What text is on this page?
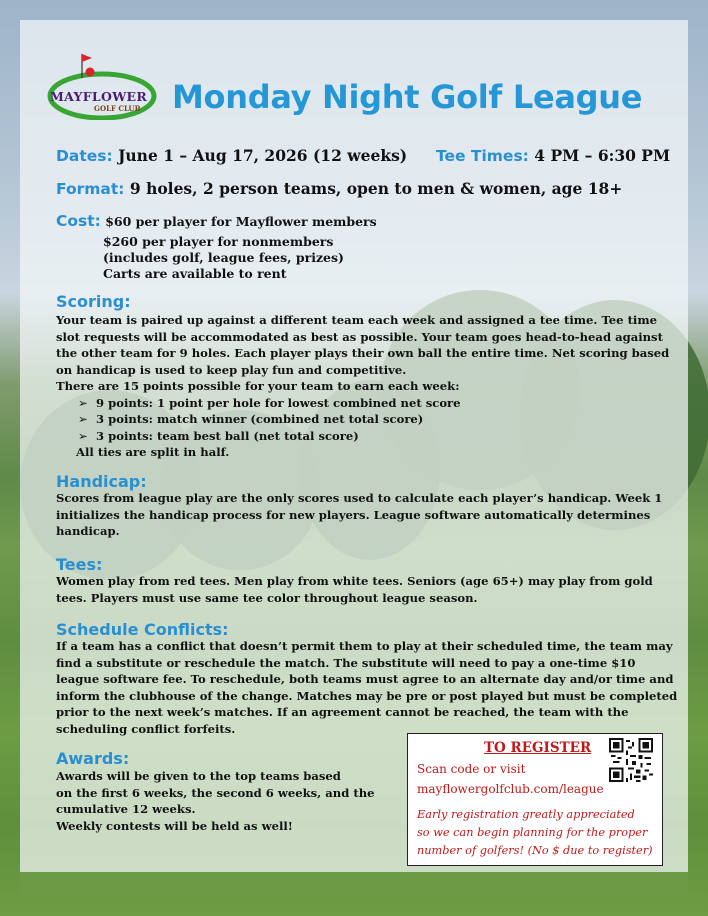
MAYFLOWER
GOLF CLUB Monday Night Golf League
Dates: June 1 – Aug 17, 2026 (12 weeks) Tee Times: 4 PM – 6:30 PM
Format: 9 holes, 2 person teams, open to men & women, age 18+
Cost: $60 per player for Mayflower members
$260 per player for nonmembers
(includes golf, league fees, prizes)
Carts are available to rent
Scoring:

Your team is paired up against a different team each week and assigned a tee time. Tee time

slot requests will be accommodated as best as possible. Your team goes head-to-head against

the other team for 9 holes. Each player plays their own ball the entire time. Net scoring based

on handicap is used to keep play fun and competitive.

There are 15 points possible for your team to earn each week:

➢ 9 points: 1 point per hole for lowest combined net score

➢ 3 points: match winner (combined net total score)

➢ 3 points: team best ball (net total score)

All ties are split in half.

Handicap:

Scores from league play are the only scores used to calculate each player’s handicap. Week 1

initializes the handicap process for new players. League software automatically determines

handicap.

Tees:

Women play from red tees. Men play from white tees. Seniors (age 65+) may play from gold

tees. Players must use same tee color throughout league season.

Schedule Conflicts:

If a team has a conflict that doesn’t permit them to play at their scheduled time, the team may

find a substitute or reschedule the match. The substitute will need to pay a one-time $10

league software fee. To reschedule, both teams must agree to an alternate day and/or time and

inform the clubhouse of the change. Matches may be pre or post played but must be completed

prior to the next week’s matches. If an agreement cannot be reached, the team with the

scheduling conflict forfeits.

Awards:

Awards will be given to the top teams based

on the first 6 weeks, the second 6 weeks, and the

cumulative 12 weeks.

Weekly contests will be held as well!

TO REGISTER
Scan code or visit
mayflowergolfclub.com/league
Early registration greatly appreciated
so we can begin planning for the proper
number of golfers! (No $ due to register)
